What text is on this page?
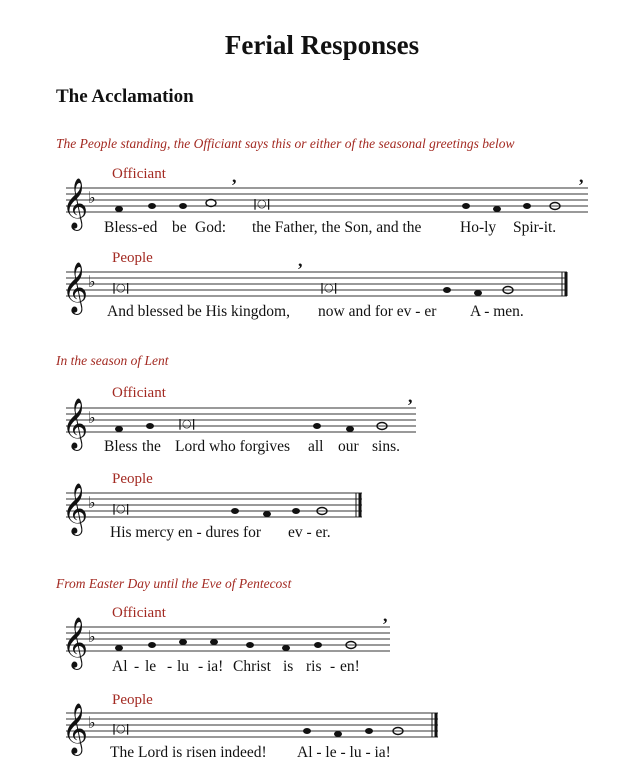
Ferial Responses
The Acclamation
The People standing, the Officiant says this or either of the seasonal greetings below
In the season of Lent
From Easter Day until the Eve of Pentecost
Officiant
𝄞 ♭	|○|
,	,
Bless-ed be God: the Father, the Son, and the Ho-ly Spir-it.
People
𝄞 ♭ |○|	|○|
,
And blessed be His kingdom, now and for ev - er A - men.
Officiant
𝄞 ♭	|○|
,
Bless the Lord who forgives all our sins.
People
𝄞 ♭ |○|
His mercy en - dures for ev - er.
Officiant
𝄞 ♭
,
Al - le - lu - ia! Christ is ris - en!
People
𝄞 ♭ |○|
The Lord is risen indeed! Al - le - lu - ia!
